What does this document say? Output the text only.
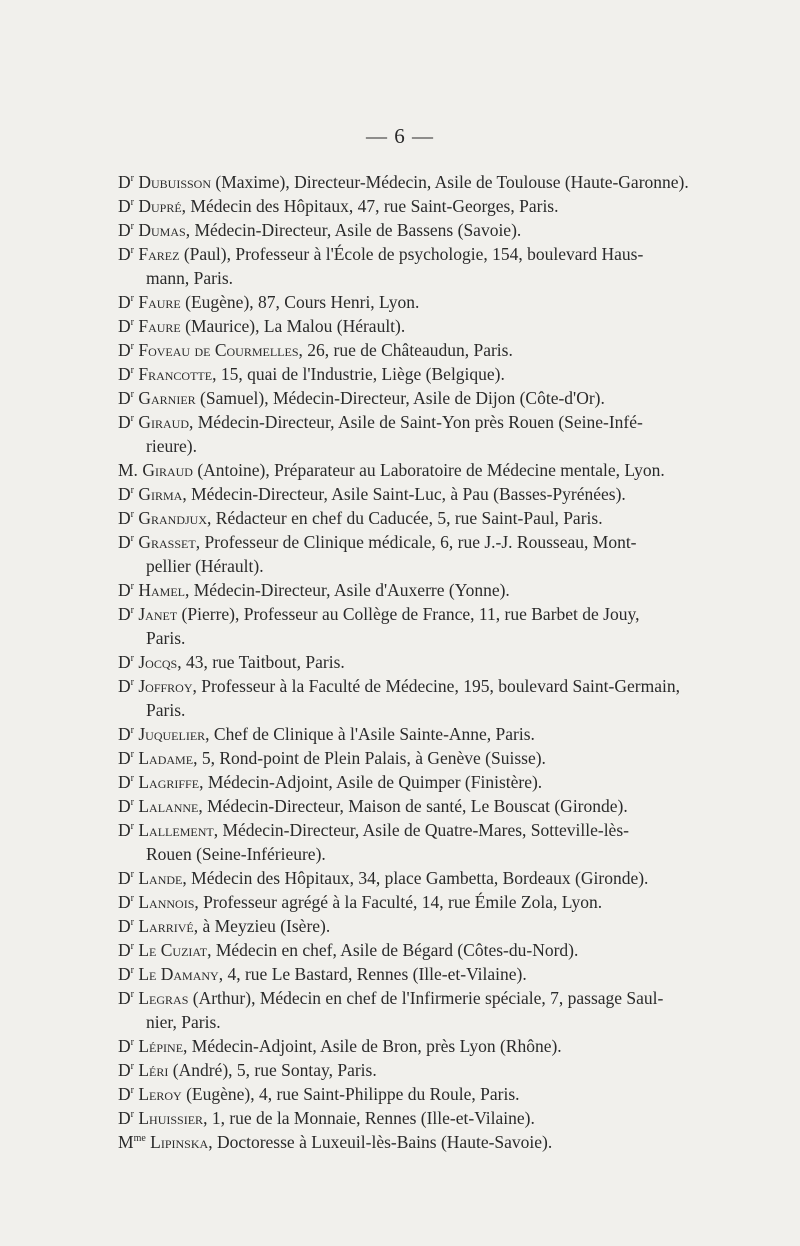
— 6 —

$D^r$ Dubuisson (Maxime), Directeur-Médecin, Asile de Toulouse (Haute-Garonne).

$D^r$ Dupré, Médecin des Hôpitaux, 47, rue Saint-Georges, Paris.

$D^r$ Dumas, Médecin-Directeur, Asile de Bassens (Savoie).

$D^r$ Farez (Paul), Professeur à l'École de psychologie, 154, boulevard Haus-
mann, Paris.

$D^r$ Faure (Eugène), 87, Cours Henri, Lyon.

$D^r$ Faure (Maurice), La Malou (Hérault).

$D^r$ Foveau de Courmelles, 26, rue de Châteaudun, Paris.

$D^r$ Francotte, 15, quai de l'Industrie, Liège (Belgique).

$D^r$ Garnier (Samuel), Médecin-Directeur, Asile de Dijon (Côte-d'Or).

$D^r$ Giraud, Médecin-Directeur, Asile de Saint-Yon près Rouen (Seine-Infé-
rieure).

M. Giraud (Antoine), Préparateur au Laboratoire de Médecine mentale, Lyon.

$D^r$ Girma, Médecin-Directeur, Asile Saint-Luc, à Pau (Basses-Pyrénées).

$D^r$ Grandjux, Rédacteur en chef du Caducée, 5, rue Saint-Paul, Paris.

$D^r$ Grasset, Professeur de Clinique médicale, 6, rue J.-J. Rousseau, Mont-
pellier (Hérault).

$D^r$ Hamel, Médecin-Directeur, Asile d'Auxerre (Yonne).

$D^r$ Janet (Pierre), Professeur au Collège de France, 11, rue Barbet de Jouy,
Paris.

$D^r$ Jocqs, 43, rue Taitbout, Paris.

$D^r$ Joffroy, Professeur à la Faculté de Médecine, 195, boulevard Saint-Germain,
Paris.

$D^r$ Juquelier, Chef de Clinique à l'Asile Sainte-Anne, Paris.

$D^r$ Ladame, 5, Rond-point de Plein Palais, à Genève (Suisse).

$D^r$ Lagriffe, Médecin-Adjoint, Asile de Quimper (Finistère).

$D^r$ Lalanne, Médecin-Directeur, Maison de santé, Le Bouscat (Gironde).

$D^r$ Lallement, Médecin-Directeur, Asile de Quatre-Mares, Sotteville-lès-
Rouen (Seine-Inférieure).

$D^r$ Lande, Médecin des Hôpitaux, 34, place Gambetta, Bordeaux (Gironde).

$D^r$ Lannois, Professeur agrégé à la Faculté, 14, rue Émile Zola, Lyon.

$D^r$ Larrivé, à Meyzieu (Isère).

$D^r$ Le Cuziat, Médecin en chef, Asile de Bégard (Côtes-du-Nord).

$D^r$ Le Damany, 4, rue Le Bastard, Rennes (Ille-et-Vilaine).

$D^r$ Legras (Arthur), Médecin en chef de l'Infirmerie spéciale, 7, passage Saul-
nier, Paris.

$D^r$ Lépine, Médecin-Adjoint, Asile de Bron, près Lyon (Rhône).

$D^r$ Léri (André), 5, rue Sontay, Paris.

$D^r$ Leroy (Eugène), 4, rue Saint-Philippe du Roule, Paris.

$D^r$ Lhuissier, 1, rue de la Monnaie, Rennes (Ille-et-Vilaine).

$M^{me}$ Lipinska, Doctoresse à Luxeuil-lès-Bains (Haute-Savoie).
